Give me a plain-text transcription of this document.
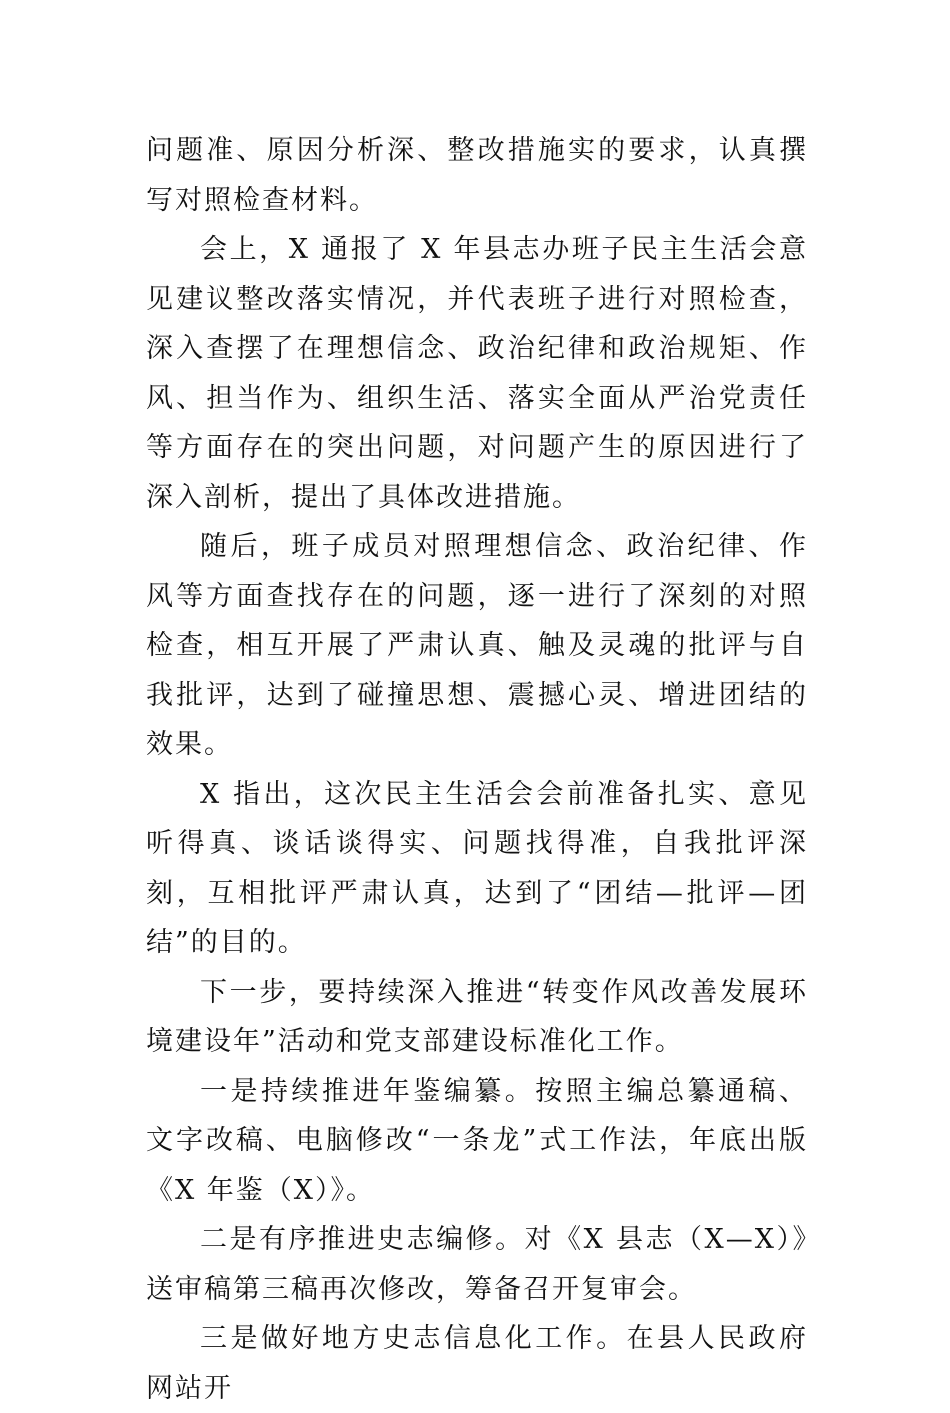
问题准、原因分析深、整改措施实的要求，认真撰写对照检查材料。

会上，X 通报了 X 年县志办班子民主生活会意见建议整改落实情况，并代表班子进行对照检查，深入查摆了在理想信念、政治纪律和政治规矩、作风、担当作为、组织生活、落实全面从严治党责任等方面存在的突出问题，对问题产生的原因进行了深入剖析，提出了具体改进措施。

随后，班子成员对照理想信念、政治纪律、作风等方面查找存在的问题，逐一进行了深刻的对照检查，相互开展了严肃认真、触及灵魂的批评与自我批评，达到了碰撞思想、震撼心灵、增进团结的效果。

X 指出，这次民主生活会会前准备扎实、意见听得真、谈话谈得实、问题找得准，自我批评深刻，互相批评严肃认真，达到了“团结—批评—团结”的目的。

下一步，要持续深入推进“转变作风改善发展环境建设年”活动和党支部建设标准化工作。

一是持续推进年鉴编纂。按照主编总纂通稿、文字改稿、电脑修改“一条龙”式工作法，年底出版《X 年鉴（X）》。

二是有序推进史志编修。对《X 县志（X—X）》送审稿第三稿再次修改，筹备召开复审会。

三是做好地方史志信息化工作。在县人民政府网站开
